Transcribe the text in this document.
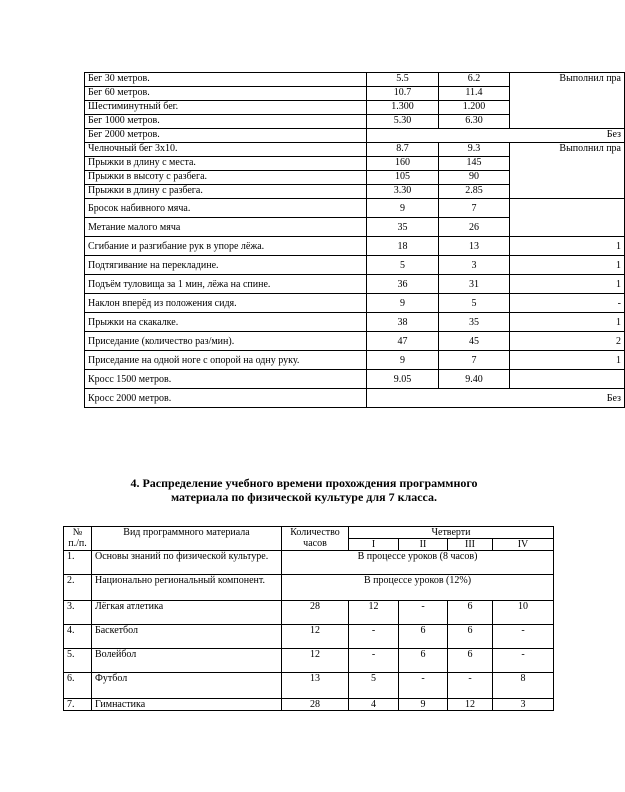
Бег 30 метров.	5.5	6.2	Выполнил пра
Бег 60 метров.	10.7	11.4	
Шестиминутный бег.	1.300	1.200	
Бег 1000 метров.	5.30	6.30	
Бег 2000 метров.	Без		
Челночный бег 3х10.	8.7	9.3	Выполнил пра
Прыжки в длину с места.	160	145	
Прыжки в высоту с разбега.	105	90	
Прыжки в длину с разбега.	3.30	2.85	
Бросок набивного мяча.	9	7	
Метание малого мяча	35	26	
Сгибание и разгибание рук в упоре лёжа.	18	13	1
Подтягивание на перекладине.	5	3	1
Подъём туловища за 1 мин, лёжа на спине.	36	31	1
Наклон вперёд из положения сидя.	9	5	-
Прыжки на скакалке.	38	35	1
Приседание (количество раз/мин).	47	45	2
Приседание на одной ноге с опорой на одну руку.	9	7	1
Кросс 1500 метров.	9.05	9.40	
Кросс 2000 метров.	Без		

4. Распределение учебного времени прохождения программного
материала по физической культуре для 7 класса.

№ п./п.	Вид программного материала	Количество часов	Четверти			
			I	II	III	IV
1.	Основы знаний по физической культуре.	В процессе уроков (8 часов)				
2.	Национально региональный компонент.	В процессе уроков (12%)				
3.	Лёгкая атлетика	28	12	-	6	10
4.	Баскетбол	12	-	6	6	-
5.	Волейбол	12	-	6	6	-
6.	Футбол	13	5	-	-	8
7.	Гимнастика	28	4	9	12	3
